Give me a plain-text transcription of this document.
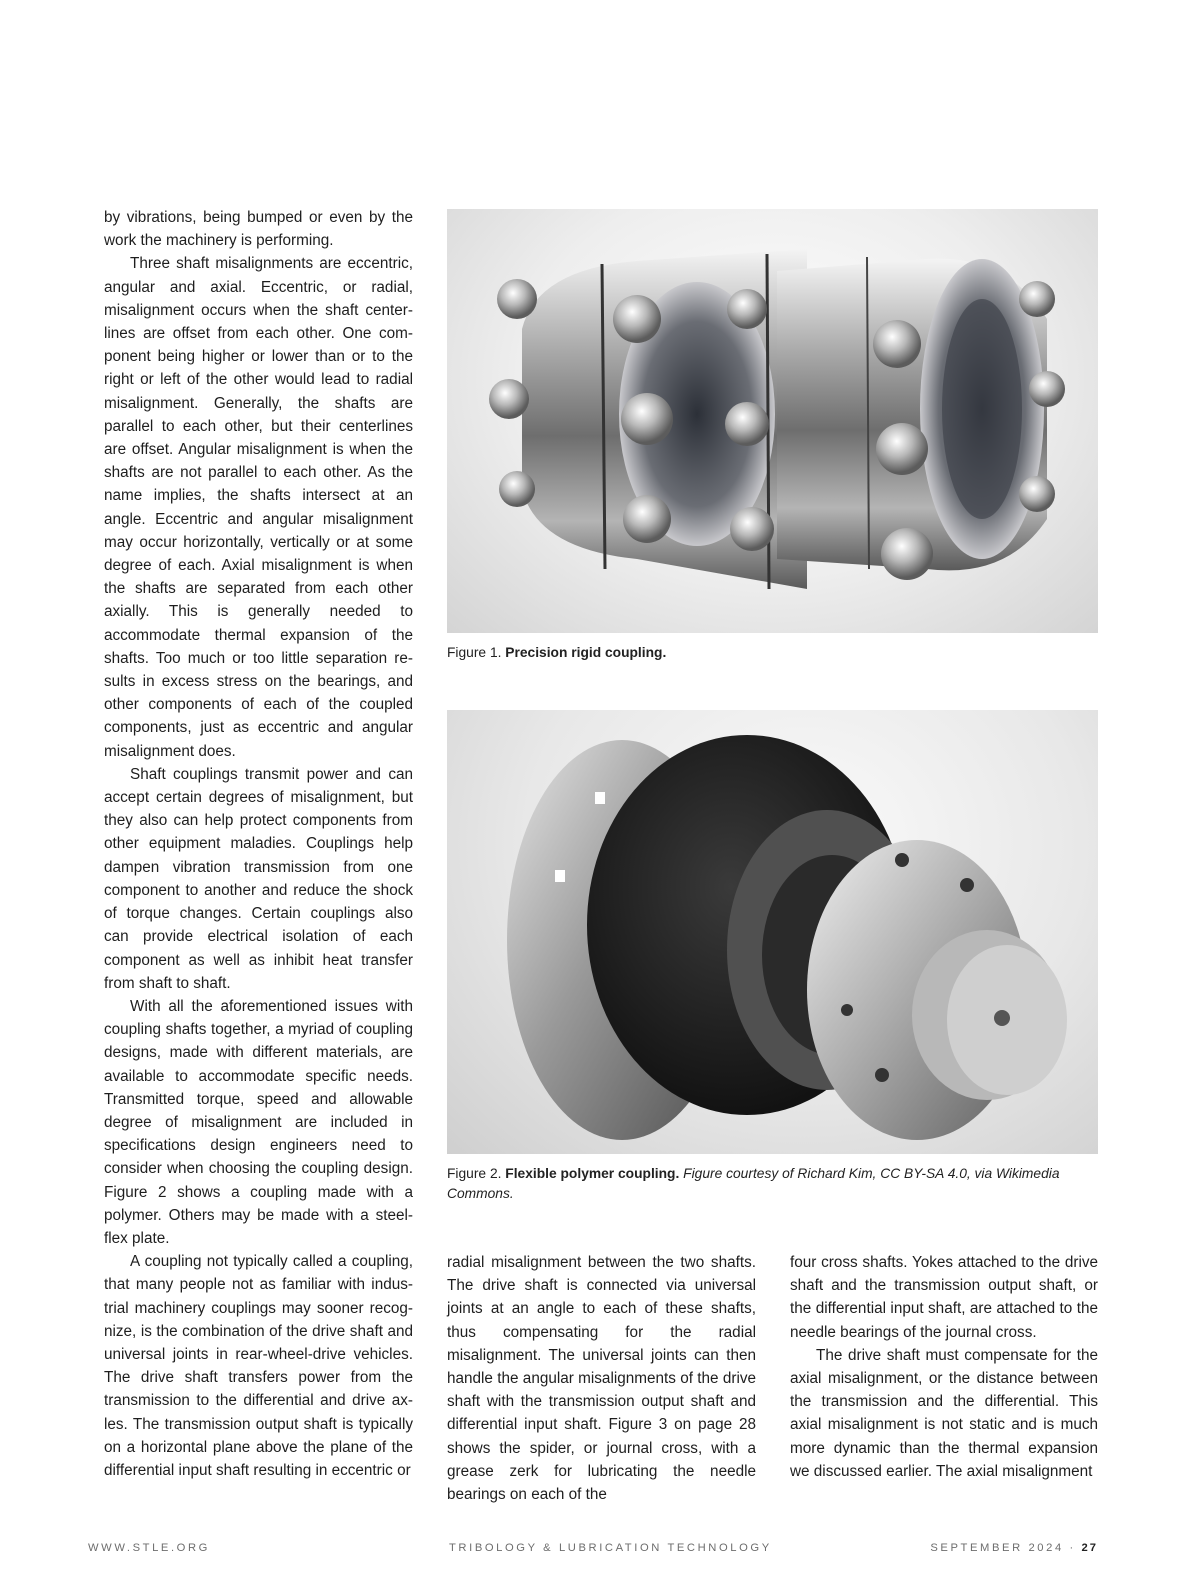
by vibrations, being bumped or even by the work the machinery is performing.

Three shaft misalignments are eccentric, angular and axial. Eccentric, or radial, misalignment occurs when the shaft centerlines are offset from each other. One component being higher or lower than or to the right or left of the other would lead to radial misalignment. Generally, the shafts are parallel to each other, but their centerlines are offset. Angular misalignment is when the shafts are not parallel to each other. As the name implies, the shafts intersect at an angle. Eccentric and angular misalignment may occur horizontally, vertically or at some degree of each. Axial misalignment is when the shafts are separated from each other axially. This is generally needed to accommodate thermal expansion of the shafts. Too much or too little separation results in excess stress on the bearings, and other components of each of the coupled components, just as eccentric and angular misalignment does.

Shaft couplings transmit power and can accept certain degrees of misalignment, but they also can help protect components from other equipment maladies. Couplings help dampen vibration transmission from one component to another and reduce the shock of torque changes. Certain couplings also can provide electrical isolation of each component as well as inhibit heat transfer from shaft to shaft.

With all the aforementioned issues with coupling shafts together, a myriad of coupling designs, made with different materials, are available to accommodate specific needs. Transmitted torque, speed and allowable degree of misalignment are included in specifications design engineers need to consider when choosing the coupling design. Figure 2 shows a coupling made with a polymer. Others may be made with a steel-flex plate.

A coupling not typically called a coupling, that many people not as familiar with industrial machinery couplings may sooner recognize, is the combination of the drive shaft and universal joints in rear-wheel-drive vehicles. The drive shaft transfers power from the transmission to the differential and drive axles. The transmission output shaft is typically on a horizontal plane above the plane of the differential input shaft resulting in eccentric or

Figure 1. Precision rigid coupling.
Figure 2. Flexible polymer coupling. Figure courtesy of Richard Kim, CC BY-SA 4.0, via Wikimedia Commons.

radial misalignment between the two shafts. The drive shaft is connected via universal joints at an angle to each of these shafts, thus compensating for the radial misalignment. The universal joints can then handle the angular misalignments of the drive shaft with the transmission output shaft and differential input shaft. Figure 3 on page 28 shows the spider, or journal cross, with a grease zerk for lubricating the needle bearings on each of the

four cross shafts. Yokes attached to the drive shaft and the transmission output shaft, or the differential input shaft, are attached to the needle bearings of the journal cross.

The drive shaft must compensate for the axial misalignment, or the distance between the transmission and the differential. This axial misalignment is not static and is much more dynamic than the thermal expansion we discussed earlier. The axial misalignment

WWW.STLE.ORG	TRIBOLOGY & LUBRICATION TECHNOLOGY	SEPTEMBER 2024 · 27
